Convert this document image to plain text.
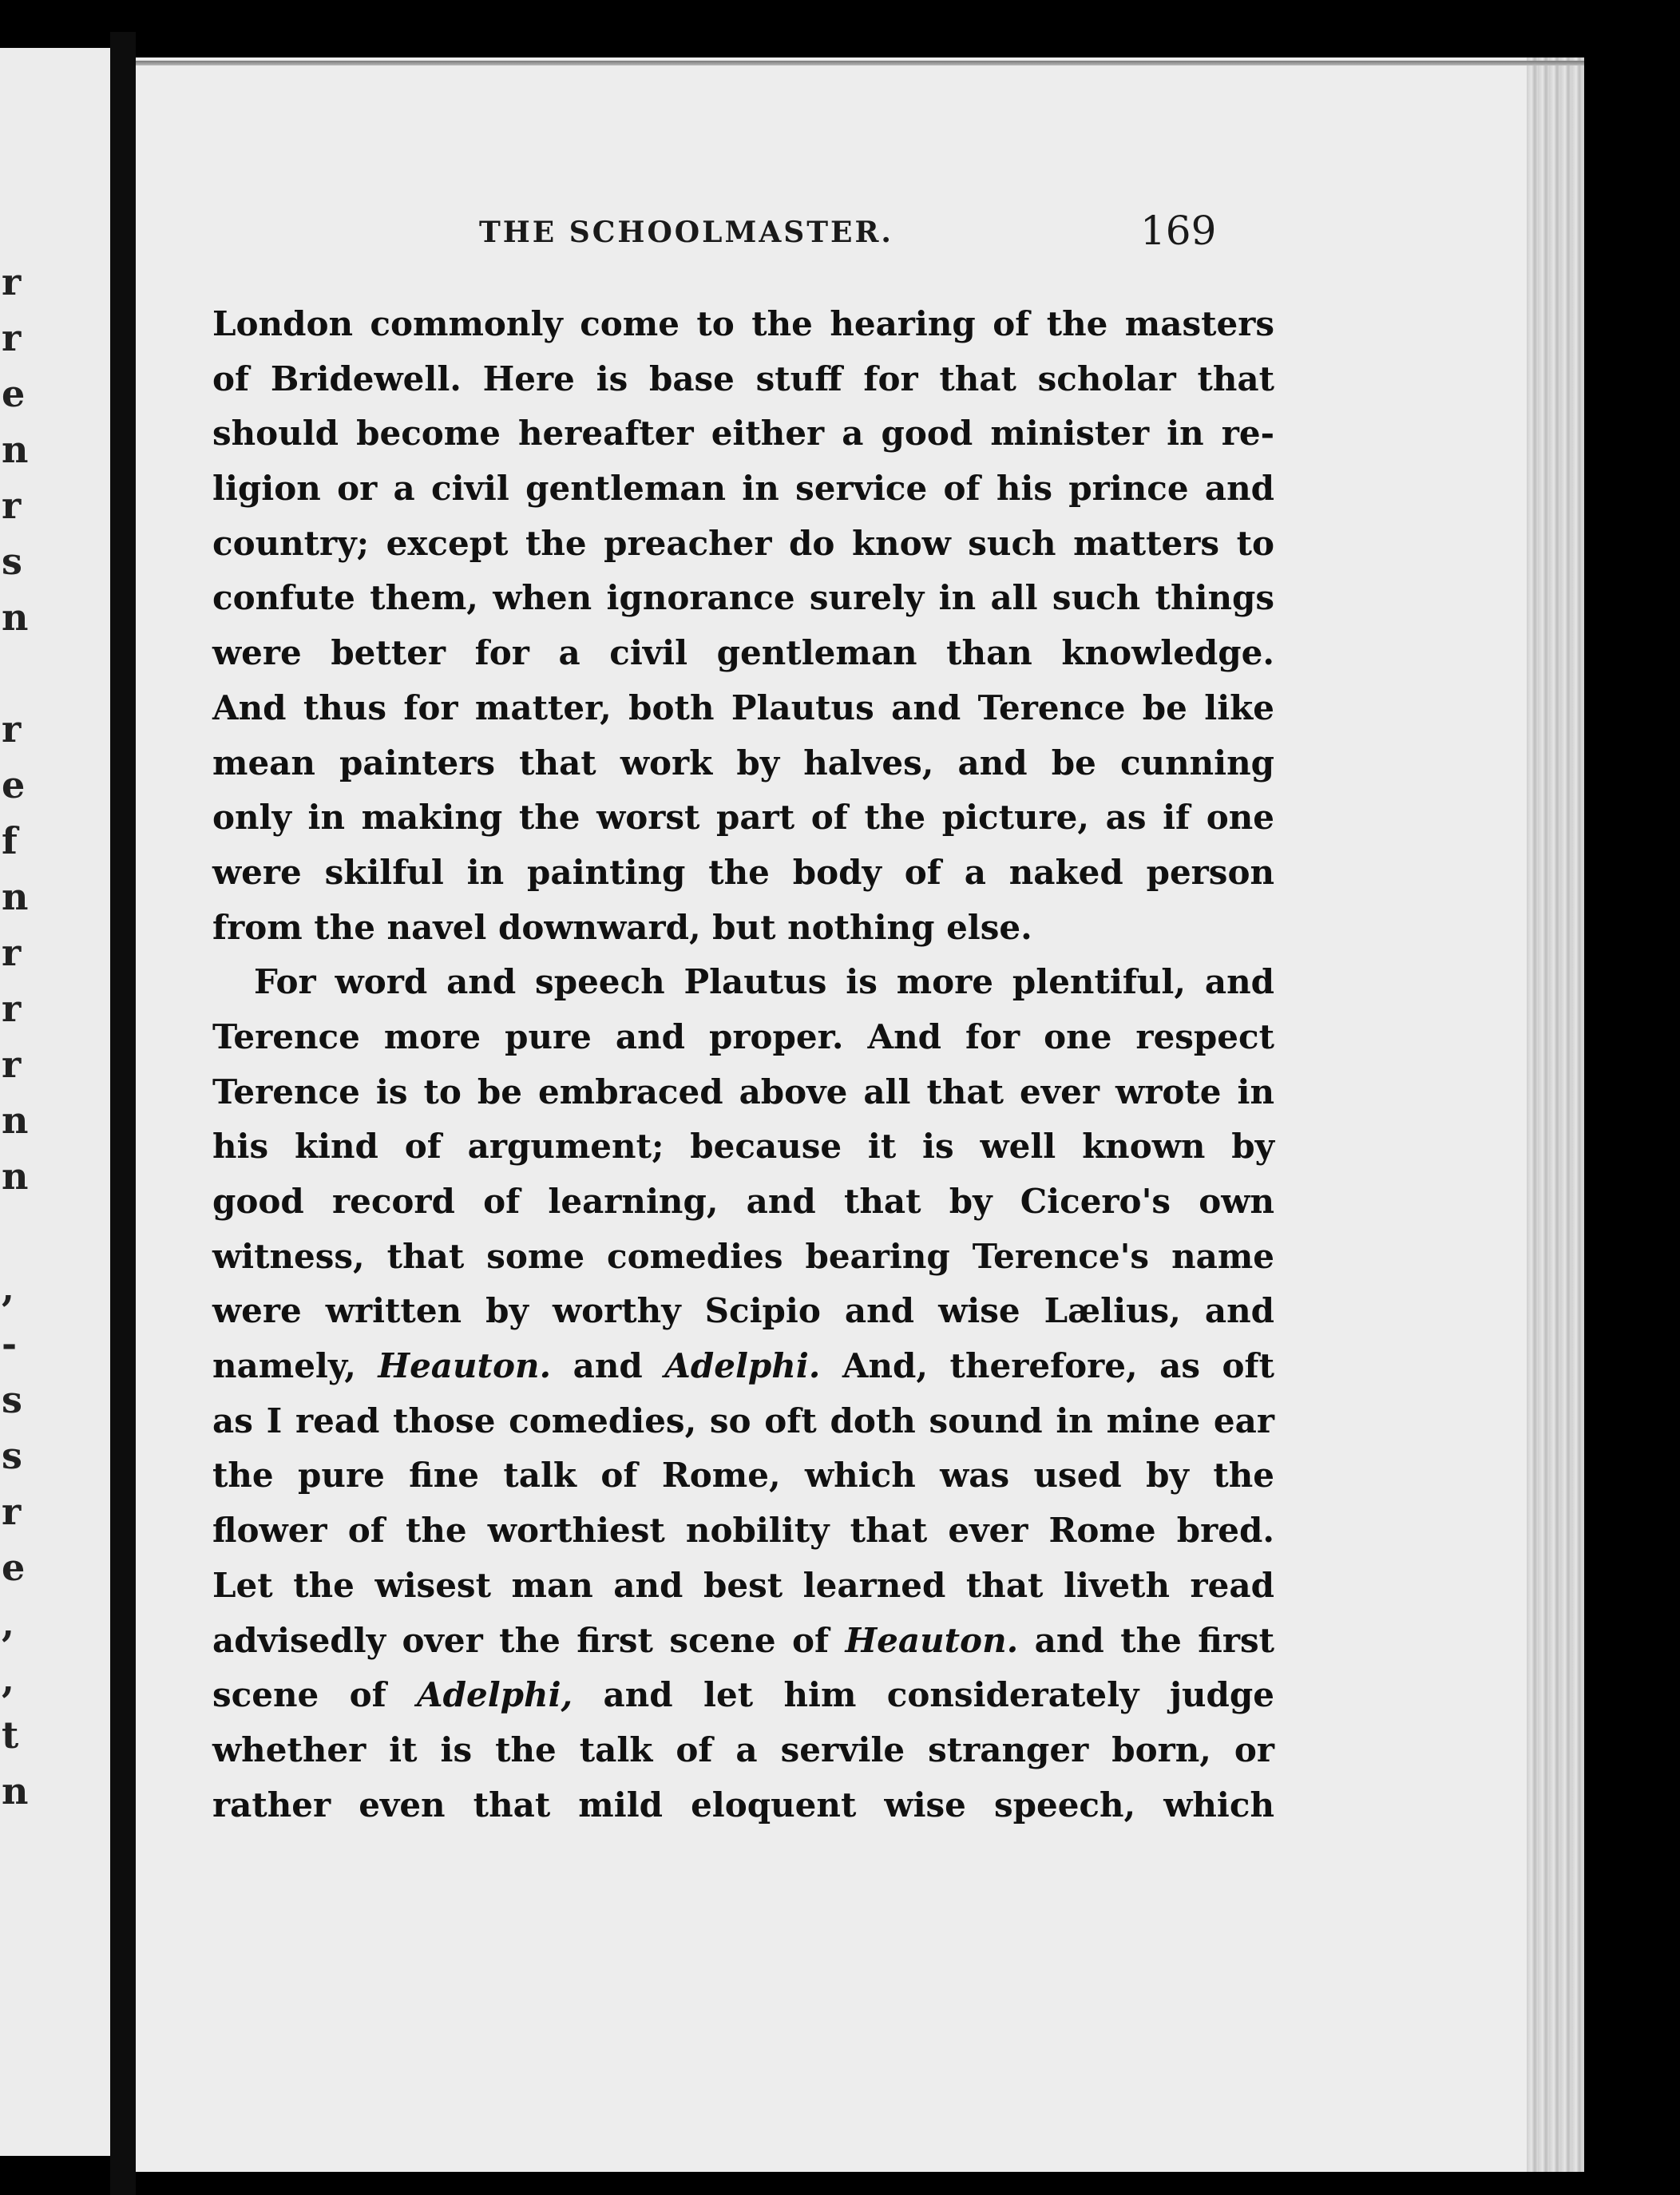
r
r
e
n
r
s
n
r
e
f
n
r
r
r
n
n
,
-
s
s
r
e
,
,
t
n
THE SCHOOLMASTER.	169
London commonly come to the hearing of the masters
of Bridewell. Here is base stuff for that scholar that
should become hereafter either a good minister in re-
ligion or a civil gentleman in service of his prince and
country; except the preacher do know such matters to
confute them, when ignorance surely in all such things
were better for a civil gentleman than knowledge.
And thus for matter, both Plautus and Terence be like
mean painters that work by halves, and be cunning
only in making the worst part of the picture, as if one
were skilful in painting the body of a naked person
from the navel downward, but nothing else.
For word and speech Plautus is more plentiful, and
Terence more pure and proper. And for one respect
Terence is to be embraced above all that ever wrote in
his kind of argument; because it is well known by
good record of learning, and that by Cicero's own
witness, that some comedies bearing Terence's name
were written by worthy Scipio and wise Lælius, and
namely, Heauton. and Adelphi. And, therefore, as oft
as I read those comedies, so oft doth sound in mine ear
the pure fine talk of Rome, which was used by the
flower of the worthiest nobility that ever Rome bred.
Let the wisest man and best learned that liveth read
advisedly over the first scene of Heauton. and the first
scene of Adelphi, and let him considerately judge
whether it is the talk of a servile stranger born, or
rather even that mild eloquent wise speech, which
